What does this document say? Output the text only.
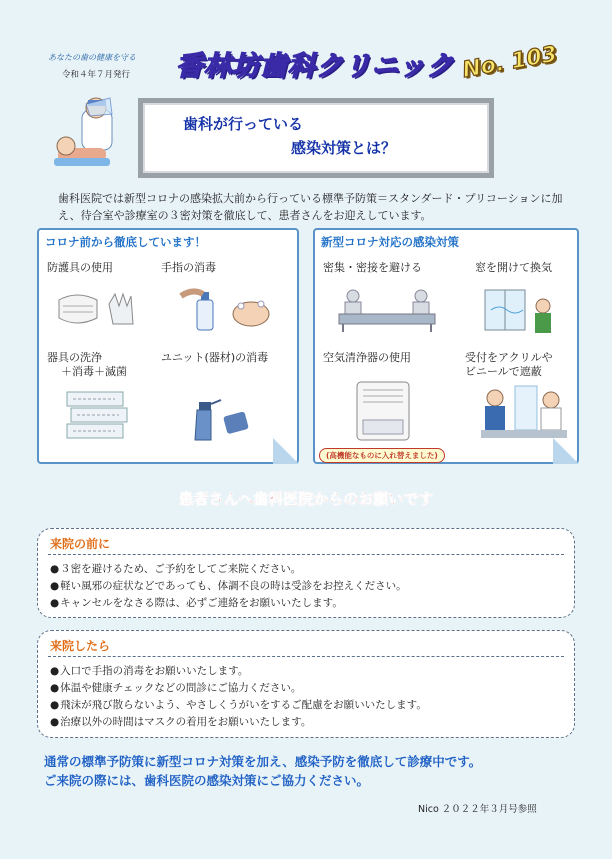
あなたの歯の健康を守る
令和４年７月発行 香林坊歯科クリニック No. 103
歯科が行っている
感染対策とは？
歯科医院では新型コロナの感染拡大前から行っている標準予防策＝スタンダード・プリコーションに加え、待合室や診療室の３密対策を徹底して、患者さんをお迎えしています。
コロナ前から徹底しています！
防護具の使用	手指の消毒
器具の洗浄
＋消毒＋滅菌
ユニット(器材)の消毒
新型コロナ対応の感染対策
密集・密接を避ける	窓を開けて換気
空気清浄器の使用	受付をアクリルや
ビニールで遮蔽
(高機能なものに入れ替えました)
患者さんへ歯科医院からのお願いです
来院の前に
● ３密を避けるため、ご予約をしてご来院ください。
● 軽い風邪の症状などであっても、体調不良の時は受診をお控えください。
● キャンセルをなさる際は、必ずご連絡をお願いいたします。
来院したら
● 入口で手指の消毒をお願いいたします。
● 体温や健康チェックなどの問診にご協力ください。
● 飛沫が飛び散らないよう、やさしくうがいをするご配慮をお願いいたします。
● 治療以外の時間はマスクの着用をお願いいたします。
通常の標準予防策に新型コロナ対策を加え、感染予防を徹底して診療中です。
ご来院の際には、歯科医院の感染対策にご協力ください。
Nico ２０２２年３月号参照
